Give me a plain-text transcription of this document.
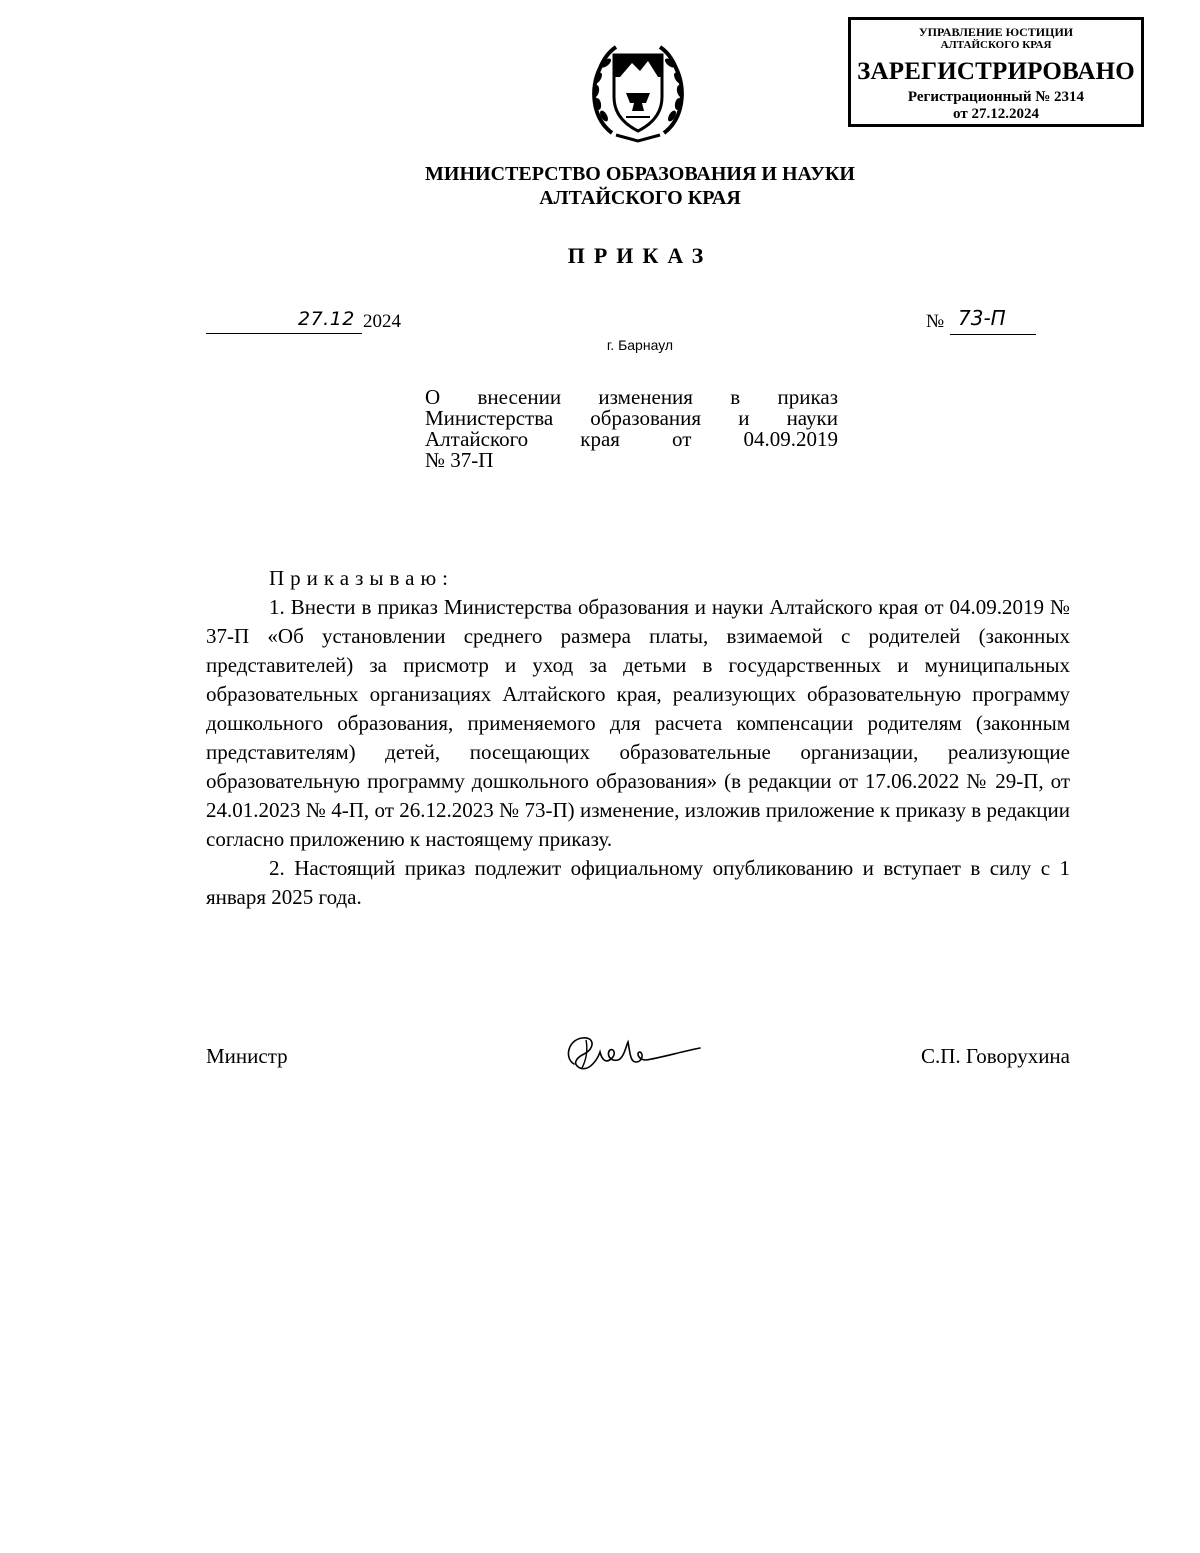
УПРАВЛЕНИЕ ЮСТИЦИИ
АЛТАЙСКОГО КРАЯ
ЗАРЕГИСТРИРОВАНО
Регистрационный № 2314
от 27.12.2024
МИНИСТЕРСТВО ОБРАЗОВАНИЯ И НАУКИ
АЛТАЙСКОГО КРАЯ
ПРИКАЗ
27.12 2024	№ 73-П
г. Барнаул
О внесении изменения в приказ
Министерства образования и науки
Алтайского края от 04.09.2019
№ 37-П
Приказываю:

1. Внести в приказ Министерства образования и науки Алтайского края от 04.09.2019 № 37-П «Об установлении среднего размера платы, взимаемой с родителей (законных представителей) за присмотр и уход за детьми в государственных и муниципальных образовательных организациях Алтайского края, реализующих образовательную программу дошкольного образования, применяемого для расчета компенсации родителям (законным представителям) детей, посещающих образовательные организации, реализующие образовательную программу дошкольного образования» (в редакции от 17.06.2022 № 29-П, от 24.01.2023 № 4-П, от 26.12.2023 № 73-П) изменение, изложив приложение к приказу в редакции согласно приложению к настоящему приказу.

2. Настоящий приказ подлежит официальному опубликованию и вступает в силу с 1 января 2025 года.

Министр	С.П. Говорухина
